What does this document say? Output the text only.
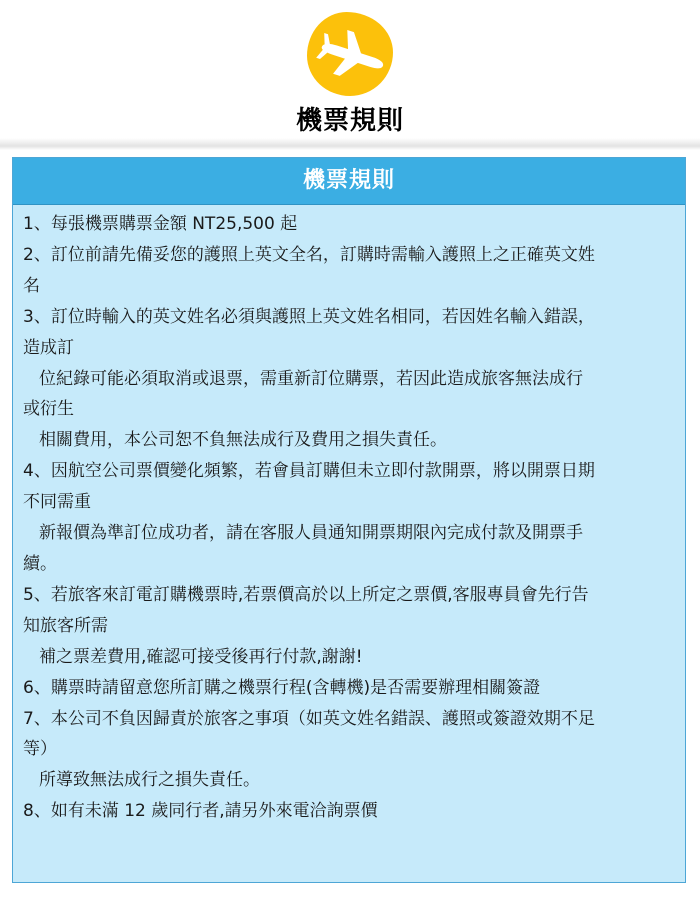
機票規則
機票規則
1、每張機票購票金額 NT25,500 起
2、訂位前請先備妥您的護照上英文全名，訂購時需輸入護照上之正確英文姓
名
3、訂位時輸入的英文姓名必須與護照上英文姓名相同，若因姓名輸入錯誤，
造成訂
位紀錄可能必須取消或退票，需重新訂位購票，若因此造成旅客無法成行
或衍生
相關費用，本公司恕不負無法成行及費用之損失責任。
4、因航空公司票價變化頻繁，若會員訂購但未立即付款開票，將以開票日期
不同需重
新報價為準訂位成功者，請在客服人員通知開票期限內完成付款及開票手
續。
5、若旅客來訂電訂購機票時,若票價高於以上所定之票價,客服專員會先行告
知旅客所需
補之票差費用,確認可接受後再行付款,謝謝!
6、購票時請留意您所訂購之機票行程(含轉機)是否需要辦理相關簽證
7、本公司不負因歸責於旅客之事項（如英文姓名錯誤、護照或簽證效期不足
等）
所導致無法成行之損失責任。
8、如有未滿 12 歲同行者,請另外來電洽詢票價
